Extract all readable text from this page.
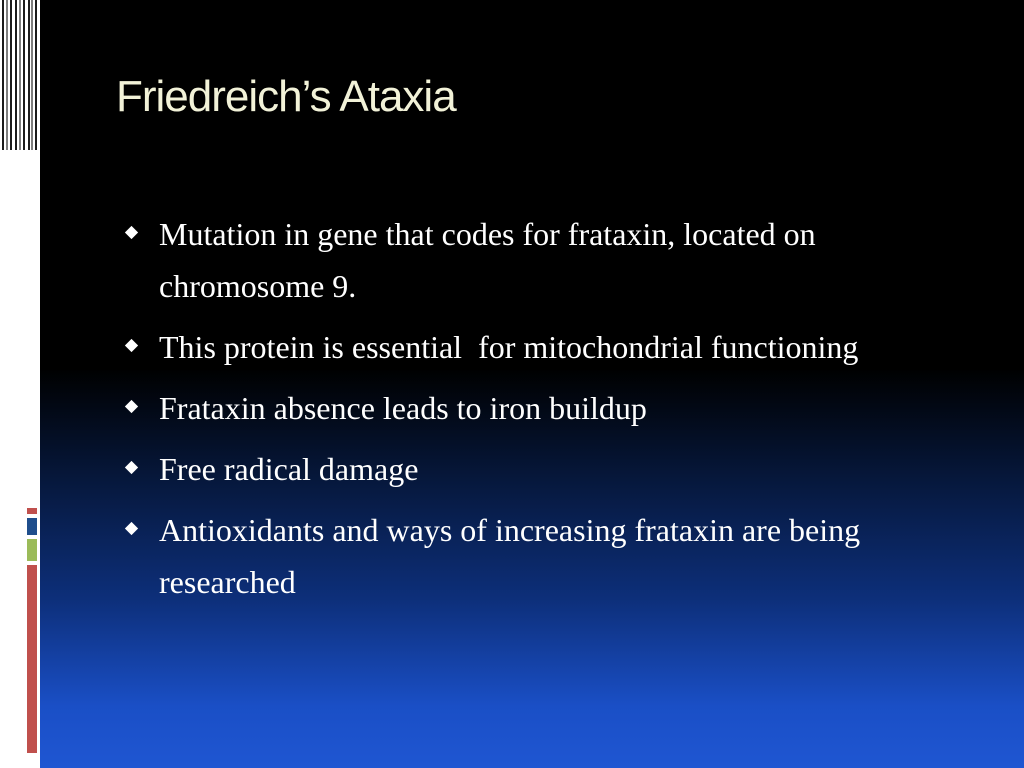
Friedreich’s Ataxia
Mutation in gene that codes for frataxin, located on chromosome 9.
This protein is essential  for mitochondrial functioning
Frataxin absence leads to iron buildup
Free radical damage
Antioxidants and ways of increasing frataxin are being researched
